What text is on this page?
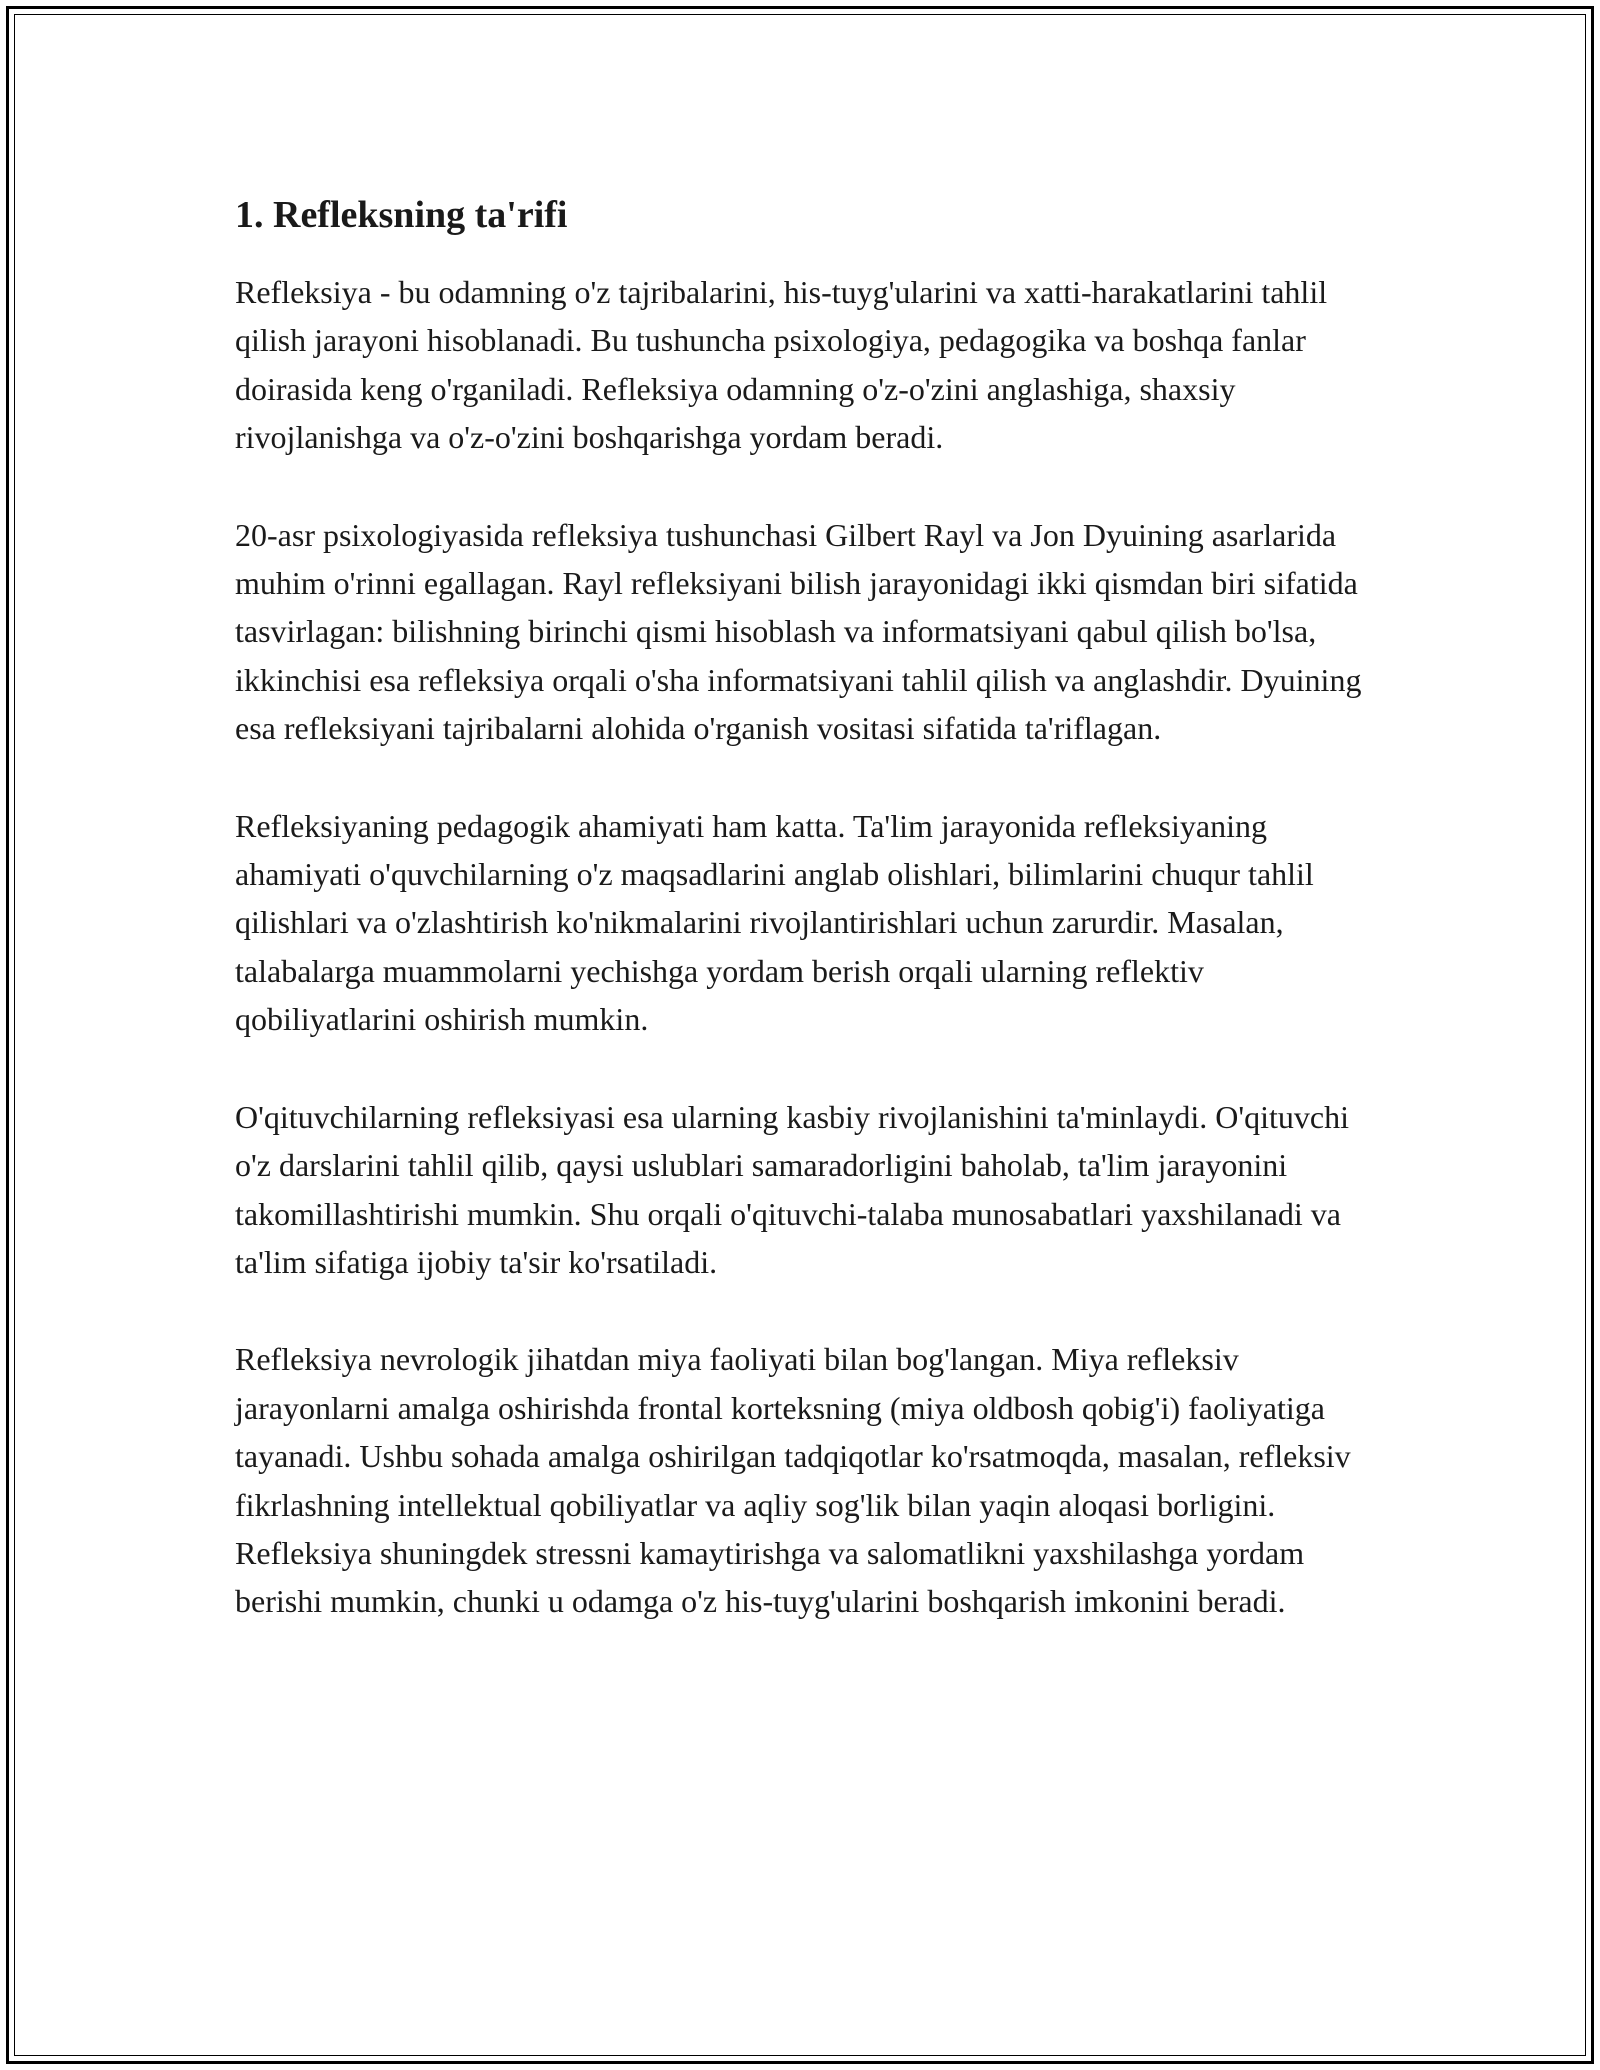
1. Refleksning ta'rifi

Refleksiya - bu odamning o'z tajribalarini, his-tuyg'ularini va xatti-harakatlarini tahlil qilish jarayoni hisoblanadi. Bu tushuncha psixologiya, pedagogika va boshqa fanlar doirasida keng o'rganiladi. Refleksiya odamning o'z-o'zini anglashiga, shaxsiy rivojlanishga va o'z-o'zini boshqarishga yordam beradi.

20-asr psixologiyasida refleksiya tushunchasi Gilbert Rayl va Jon Dyuining asarlarida muhim o'rinni egallagan. Rayl refleksiyani bilish jarayonidagi ikki qismdan biri sifatida tasvirlagan: bilishning birinchi qismi hisoblash va informatsiyani qabul qilish bo'lsa, ikkinchisi esa refleksiya orqali o'sha informatsiyani tahlil qilish va anglashdir. Dyuining esa refleksiyani tajribalarni alohida o'rganish vositasi sifatida ta'riflagan.

Refleksiyaning pedagogik ahamiyati ham katta. Ta'lim jarayonida refleksiyaning ahamiyati o'quvchilarning o'z maqsadlarini anglab olishlari, bilimlarini chuqur tahlil qilishlari va o'zlashtirish ko'nikmalarini rivojlantirishlari uchun zarurdir. Masalan, talabalarga muammolarni yechishga yordam berish orqali ularning reflektiv qobiliyatlarini oshirish mumkin.

O'qituvchilarning refleksiyasi esa ularning kasbiy rivojlanishini ta'minlaydi. O'qituvchi o'z darslarini tahlil qilib, qaysi uslublari samaradorligini baholab, ta'lim jarayonini takomillashtirishi mumkin. Shu orqali o'qituvchi-talaba munosabatlari yaxshilanadi va ta'lim sifatiga ijobiy ta'sir ko'rsatiladi.

Refleksiya nevrologik jihatdan miya faoliyati bilan bog'langan. Miya refleksiv jarayonlarni amalga oshirishda frontal korteksning (miya oldbosh qobig'i) faoliyatiga tayanadi. Ushbu sohada amalga oshirilgan tadqiqotlar ko'rsatmoqda, masalan, refleksiv fikrlashning intellektual qobiliyatlar va aqliy sog'lik bilan yaqin aloqasi borligini. Refleksiya shuningdek stressni kamaytirishga va salomatlikni yaxshilashga yordam berishi mumkin, chunki u odamga o'z his-tuyg'ularini boshqarish imkonini beradi.
